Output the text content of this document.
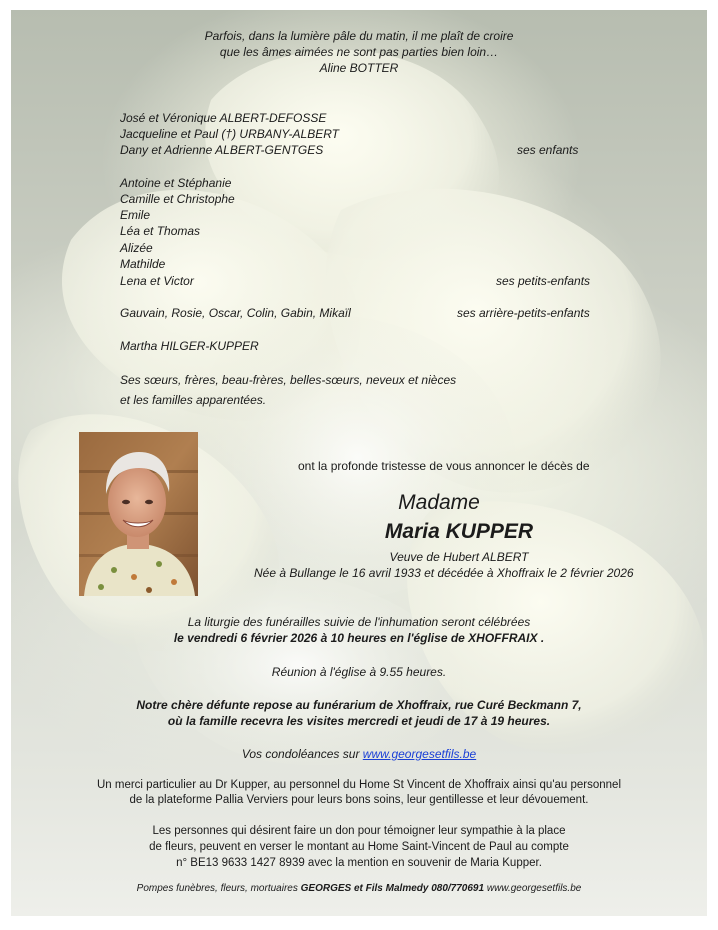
Parfois, dans la lumière pâle du matin, il me plaît de croire
que les âmes aimées ne sont pas parties bien loin…
Aline BOTTER
José et Véronique ALBERT-DEFOSSE
Jacqueline et Paul (†) URBANY-ALBERT
Dany et Adrienne ALBERT-GENTGES	ses enfants
Antoine et Stéphanie
Camille et Christophe
Emile
Léa et Thomas
Alizée
Mathilde
Lena et Victor	ses petits-enfants
Gauvain, Rosie, Oscar, Colin, Gabin, Mikaïl	ses arrière-petits-enfants
Martha HILGER-KUPPER
Ses sœurs, frères, beau-frères, belles-sœurs, neveux et nièces
et les familles apparentées.
ont la profonde tristesse de vous annoncer le décès de
Madame
Maria KUPPER
Veuve de Hubert ALBERT
Née à Bullange le 16 avril 1933 et décédée à Xhoffraix le 2 février 2026
La liturgie des funérailles suivie de l'inhumation seront célébrées
le vendredi 6 février 2026 à 10 heures en l'église de XHOFFRAIX .
Réunion à l'église à 9.55 heures.
Notre chère défunte repose au funérarium de Xhoffraix, rue Curé Beckmann 7,
où la famille recevra les visites mercredi et jeudi de 17 à 19 heures.
Vos condoléances sur www.georgesetfils.be
Un merci particulier au Dr Kupper, au personnel du Home St Vincent de Xhoffraix ainsi qu'au personnel
de la plateforme Pallia Verviers pour leurs bons soins, leur gentillesse et leur dévouement.
Les personnes qui désirent faire un don pour témoigner leur sympathie à la place
de fleurs, peuvent en verser le montant au Home Saint-Vincent de Paul au compte
n° BE13 9633 1427 8939 avec la mention en souvenir de Maria Kupper.
Pompes funèbres, fleurs, mortuaires GEORGES et Fils Malmedy 080/770691 www.georgesetfils.be
